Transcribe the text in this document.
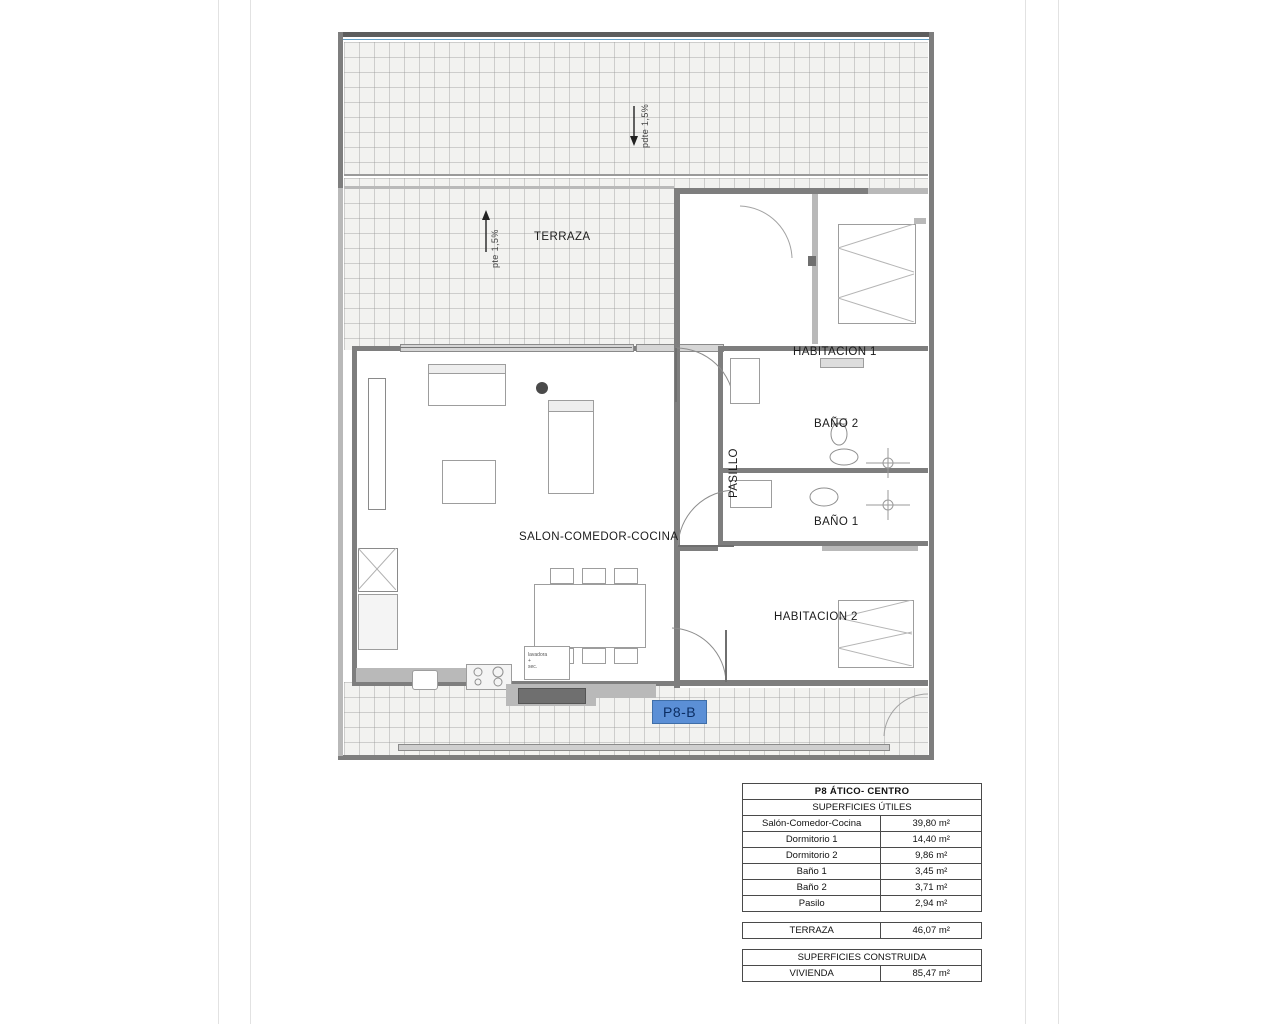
lavadora
+
sec.
pdte 1,5%
pte 1,5%	TERRAZA
SALON-COMEDOR-COCINA
PASILLO
HABITACION 1
HABITACION 2
BAÑO 1
BAÑO 2
P8-B
P8 ÁTICO- CENTRO	
SUPERFICIES ÚTILES	
Salón-Comedor-Cocina	39,80 m²
Dormitorio 1	14,40 m²
Dormitorio 2	9,86 m²
Baño 1	3,45 m²
Baño 2	3,71 m²
Pasilo	2,94 m²
TERRAZA	46,07 m²
SUPERFICIES CONSTRUIDA
VIVIENDA	85,47 m²
